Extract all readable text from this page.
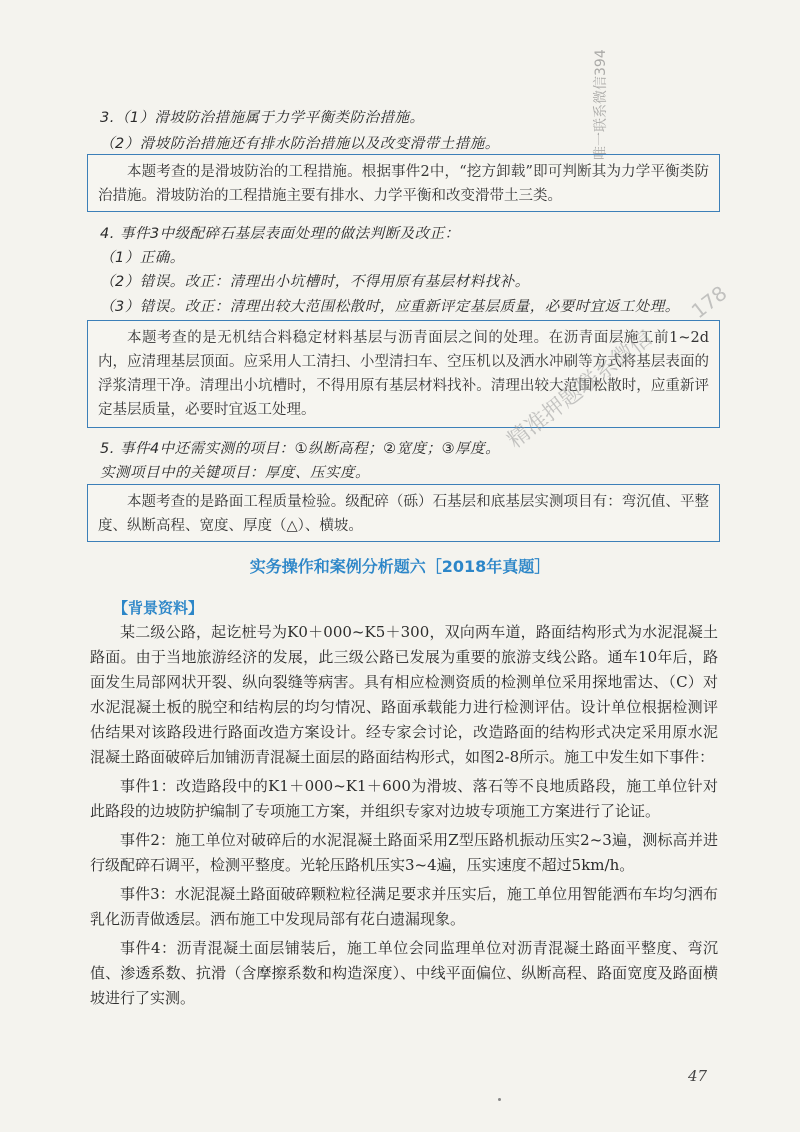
3.（1）滑坡防治措施属于力学平衡类防治措施。
（2）滑坡防治措施还有排水防治措施以及改变滑带土措施。

本题考查的是滑坡防治的工程措施。根据事件2中，“挖方卸载”即可判断其为力学平衡类防治措施。滑坡防治的工程措施主要有排水、力学平衡和改变滑带土三类。

4. 事件3中级配碎石基层表面处理的做法判断及改正：
（1）正确。
（2）错误。改正：清理出小坑槽时，不得用原有基层材料找补。
（3）错误。改正：清理出较大范围松散时，应重新评定基层质量，必要时宜返工处理。

本题考查的是无机结合料稳定材料基层与沥青面层之间的处理。在沥青面层施工前1~2d内，应清理基层顶面。应采用人工清扫、小型清扫车、空压机以及洒水冲刷等方式将基层表面的浮浆清理干净。清理出小坑槽时，不得用原有基层材料找补。清理出较大范围松散时，应重新评定基层质量，必要时宜返工处理。

5. 事件4中还需实测的项目：①纵断高程；②宽度；③厚度。
实测项目中的关键项目：厚度、压实度。

本题考查的是路面工程质量检验。级配碎（砾）石基层和底基层实测项目有：弯沉值、平整度、纵断高程、宽度、厚度（△）、横坡。

实务操作和案例分析题六［2018年真题］
【背景资料】

某二级公路，起讫桩号为K0＋000~K5＋300，双向两车道，路面结构形式为水泥混凝土路面。由于当地旅游经济的发展，此三级公路已发展为重要的旅游支线公路。通车10年后，路面发生局部网状开裂、纵向裂缝等病害。具有相应检测资质的检测单位采用探地雷达、（C）对水泥混凝土板的脱空和结构层的均匀情况、路面承载能力进行检测评估。设计单位根据检测评估结果对该路段进行路面改造方案设计。经专家会讨论，改造路面的结构形式决定采用原水泥混凝土路面破碎后加铺沥青混凝土面层的路面结构形式，如图2-8所示。施工中发生如下事件：

事件1：改造路段中的K1＋000~K1＋600为滑坡、落石等不良地质路段，施工单位针对此路段的边坡防护编制了专项施工方案，并组织专家对边坡专项施工方案进行了论证。

事件2：施工单位对破碎后的水泥混凝土路面采用Z型压路机振动压实2~3遍，测标高并进行级配碎石调平，检测平整度。光轮压路机压实3~4遍，压实速度不超过5km/h。

事件3：水泥混凝土路面破碎颗粒粒径满足要求并压实后，施工单位用智能洒布车均匀洒布乳化沥青做透层。洒布施工中发现局部有花白遗漏现象。

事件4：沥青混凝土面层铺装后，施工单位会同监理单位对沥青混凝土路面平整度、弯沉值、渗透系数、抗滑（含摩擦系数和构造深度）、中线平面偏位、纵断高程、路面宽度及路面横坡进行了实测。

47
唯一联系微信394
精准押题联系微信
178
